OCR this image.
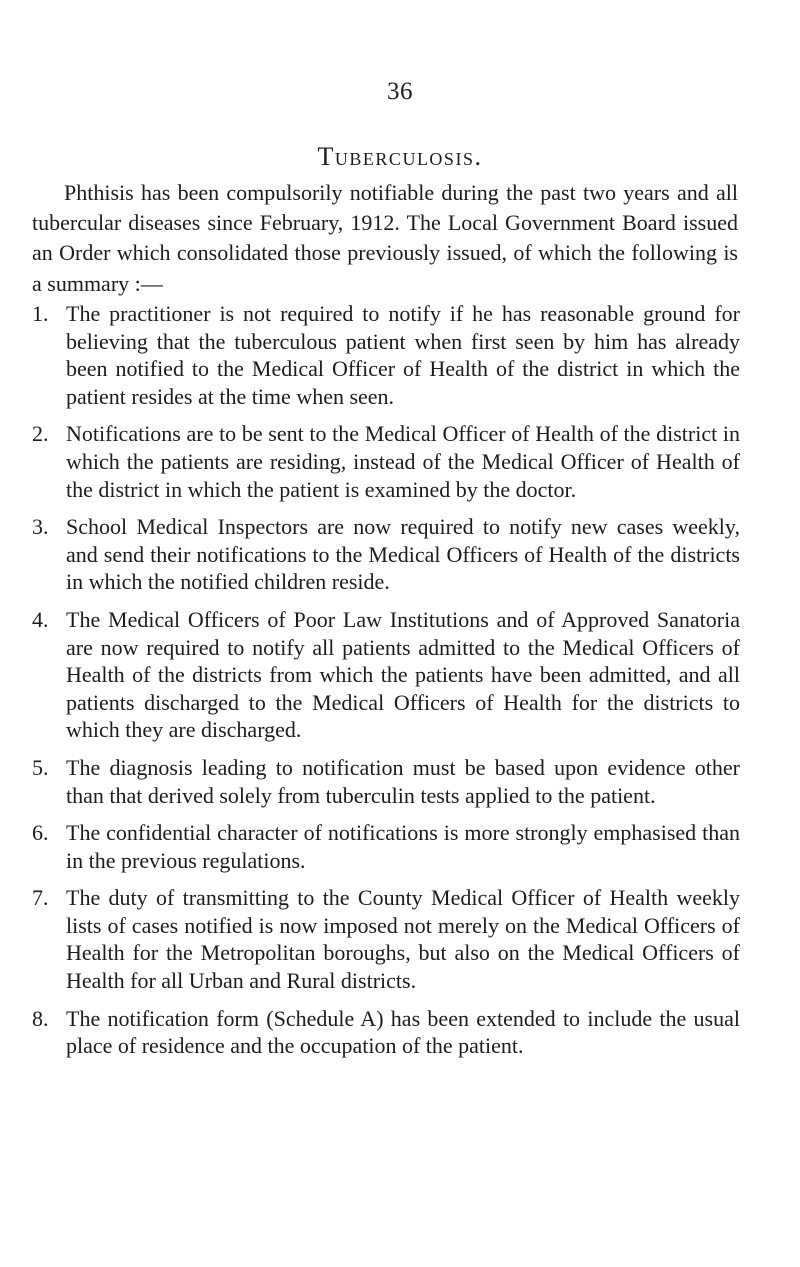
36
Tuberculosis.

Phthisis has been compulsorily notifiable during the past two years and all tubercular diseases since February, 1912. The Local Government Board issued an Order which consolidated those previously issued, of which the following is a summary :—

1. The practitioner is not required to notify if he has reasonable ground for believing that the tuberculous patient when first seen by him has already been notified to the Medical Officer of Health of the district in which the patient resides at the time when seen.
2. Notifications are to be sent to the Medical Officer of Health of the district in which the patients are residing, instead of the Medical Officer of Health of the district in which the patient is examined by the doctor.
3. School Medical Inspectors are now required to notify new cases weekly, and send their notifications to the Medical Officers of Health of the districts in which the notified children reside.
4. The Medical Officers of Poor Law Institutions and of Approved Sanatoria are now required to notify all patients admitted to the Medical Officers of Health of the districts from which the patients have been admitted, and all patients discharged to the Medical Officers of Health for the districts to which they are discharged.
5. The diagnosis leading to notification must be based upon evidence other than that derived solely from tuberculin tests applied to the patient.
6. The confidential character of notifications is more strongly emphasised than in the previous regulations.
7. The duty of transmitting to the County Medical Officer of Health weekly lists of cases notified is now imposed not merely on the Medical Officers of Health for the Metropolitan boroughs, but also on the Medical Officers of Health for all Urban and Rural districts.
8. The notification form (Schedule A) has been extended to include the usual place of residence and the occupation of the patient.
